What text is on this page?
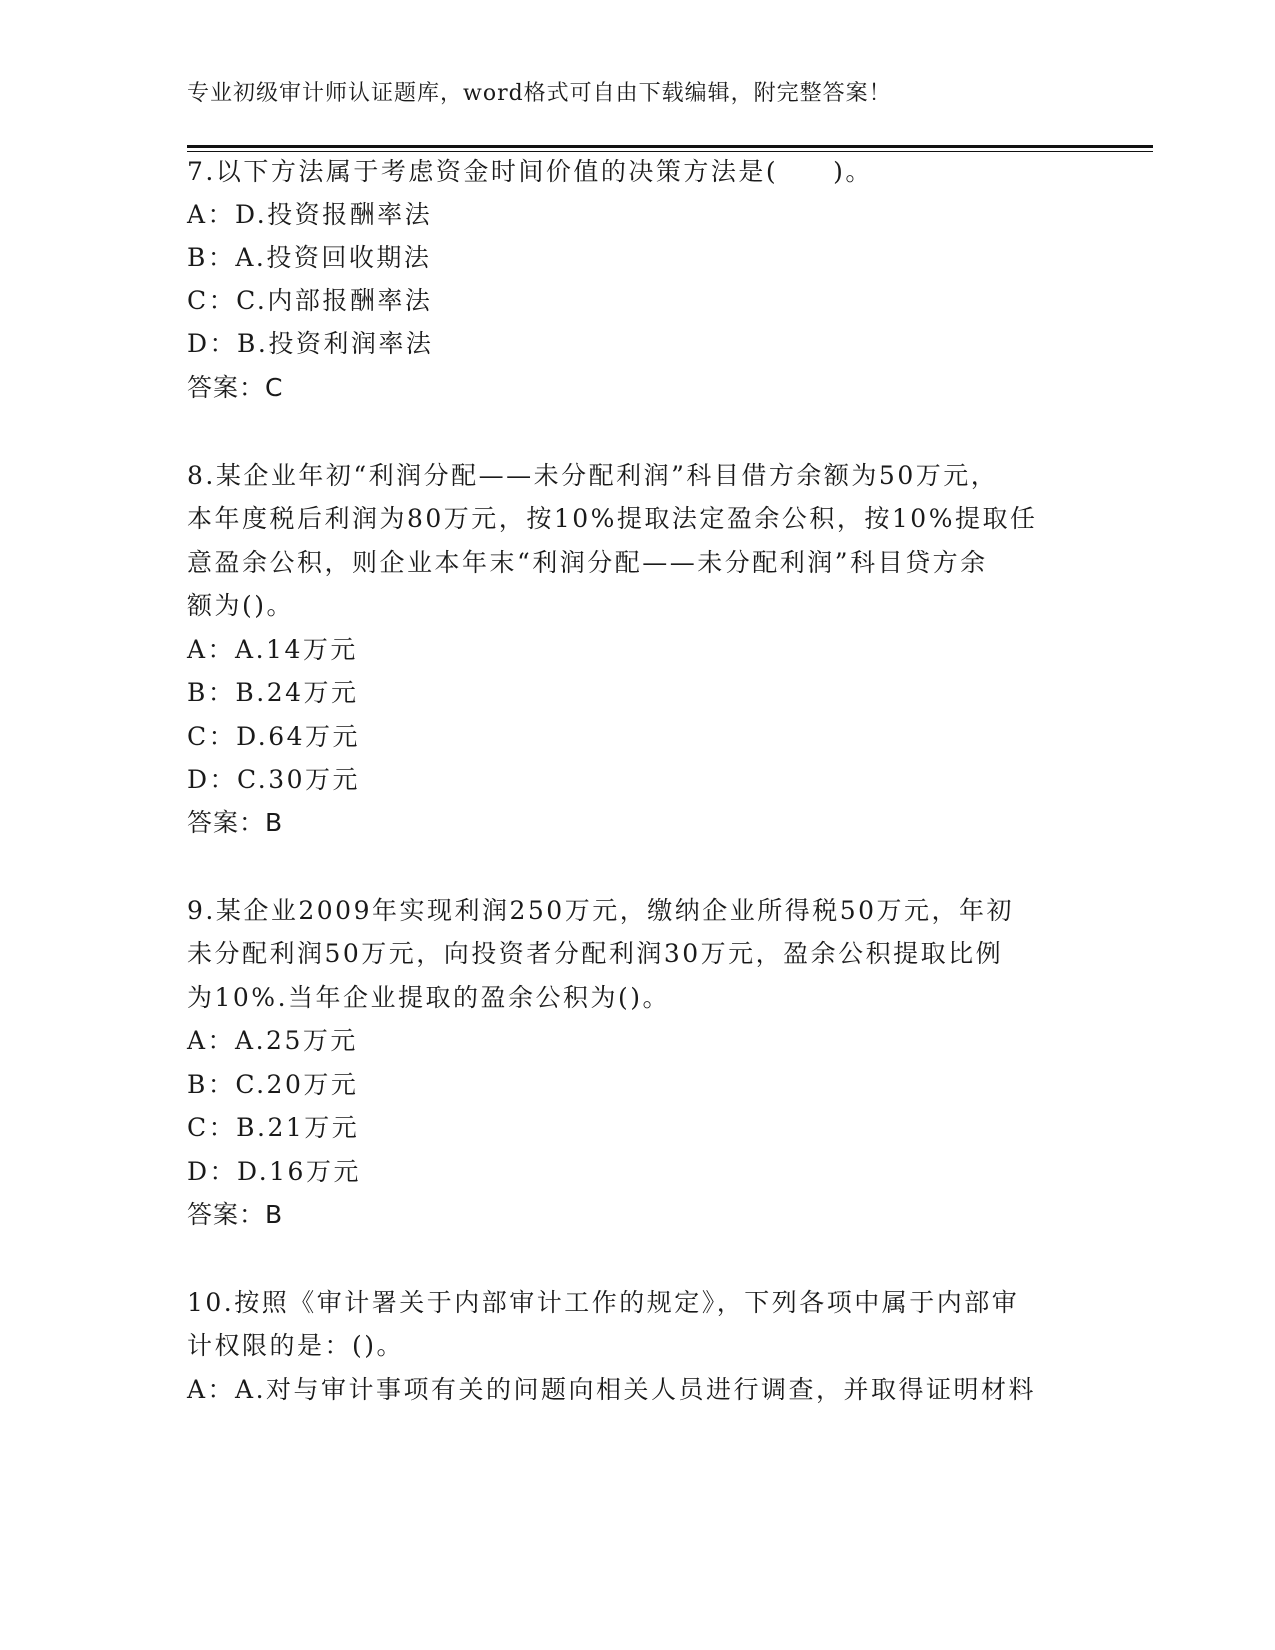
专业初级审计师认证题库，word格式可自由下载编辑，附完整答案！
7.以下方法属于考虑资金时间价值的决策方法是(　　)。
A：D.投资报酬率法
B：A.投资回收期法
C：C.内部报酬率法
D：B.投资利润率法
答案：C
8.某企业年初“利润分配——未分配利润”科目借方余额为50万元，
本年度税后利润为80万元，按10%提取法定盈余公积，按10%提取任
意盈余公积，则企业本年末“利润分配——未分配利润”科目贷方余
额为()。
A：A.14万元
B：B.24万元
C：D.64万元
D：C.30万元
答案：B
9.某企业2009年实现利润250万元，缴纳企业所得税50万元，年初
未分配利润50万元，向投资者分配利润30万元，盈余公积提取比例
为10%.当年企业提取的盈余公积为()。
A：A.25万元
B：C.20万元
C：B.21万元
D：D.16万元
答案：B
10.按照《审计署关于内部审计工作的规定》，下列各项中属于内部审
计权限的是：()。
A：A.对与审计事项有关的问题向相关人员进行调查，并取得证明材料
